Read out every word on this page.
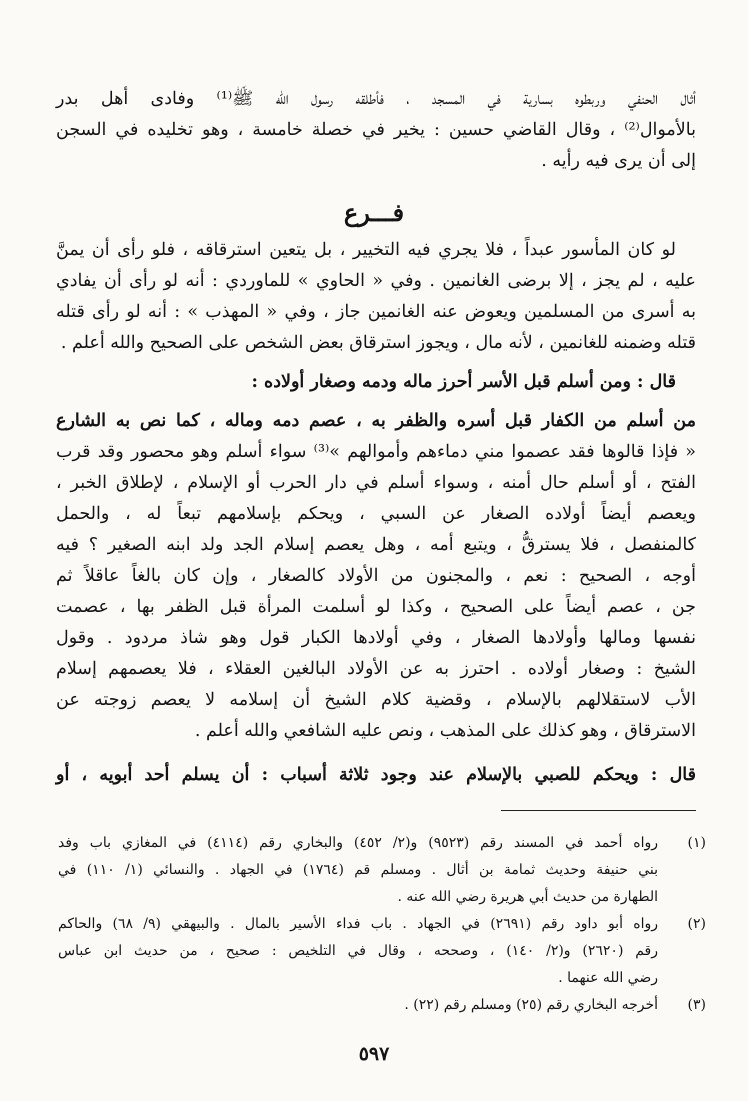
أثال الحنفي وربطوه بسارية في المسجد ، فأطلقه رسول الله ﷺ⁽¹⁾ وفادى أهل بدر
بالأموال⁽²⁾ ، وقال القاضي حسين : يخير في خصلة خامسة ، وهو تخليده في السجن
إلى أن يرى فيه رأيه .
فـــرع
لو كان المأسور عبداً ، فلا يجري فيه التخيير ، بل يتعين استرقاقه ، فلو رأى أن يمنَّ
عليه ، لم يجز ، إلا برضى الغانمين . وفي « الحاوي » للماوردي : أنه لو رأى أن يفادي
به أسرى من المسلمين ويعوض عنه الغانمين جاز ، وفي « المهذب » : أنه لو رأى قتله
قتله وضمنه للغانمين ، لأنه مال ، ويجوز استرقاق بعض الشخص على الصحيح والله أعلم .
قال : ومن أسلم قبل الأسر أحرز ماله ودمه وصغار أولاده :
من أسلم من الكفار قبل أسره والظفر به ، عصم دمه وماله ، كما نص به الشارع
« فإذا قالوها فقد عصموا مني دماءهم وأموالهم »⁽³⁾ سواء أسلم وهو محصور وقد قرب
الفتح ، أو أسلم حال أمنه ، وسواء أسلم في دار الحرب أو الإسلام ، لإطلاق الخبر ،
ويعصم أيضاً أولاده الصغار عن السبي ، ويحكم بإسلامهم تبعاً له ، والحمل
كالمنفصل ، فلا يسترقُّ ، ويتبع أمه ، وهل يعصم إسلام الجد ولد ابنه الصغير ؟ فيه
أوجه ، الصحيح : نعم ، والمجنون من الأولاد كالصغار ، وإن كان بالغاً عاقلاً ثم
جن ، عصم أيضاً على الصحيح ، وكذا لو أسلمت المرأة قبل الظفر بها ، عصمت
نفسها ومالها وأولادها الصغار ، وفي أولادها الكبار قول وهو شاذ مردود . وقول
الشيخ : وصغار أولاده . احترز به عن الأولاد البالغين العقلاء ، فلا يعصمهم إسلام
الأب لاستقلالهم بالإسلام ، وقضية كلام الشيخ أن إسلامه لا يعصم زوجته عن
الاسترقاق ، وهو كذلك على المذهب ، ونص عليه الشافعي والله أعلم .
قال : ويحكم للصبي بالإسلام عند وجود ثلاثة أسباب : أن يسلم أحد أبويه ، أو
(١)
رواه أحمد في المسند رقم (٩٥٢٣) و(٢/ ٤٥٢) والبخاري رقم (٤١١٤) في المغازي باب وفد
بني حنيفة وحديث ثمامة بن أثال . ومسلم قم (١٧٦٤) في الجهاد . والنسائي (١/ ١١٠) في
الطهارة من حديث أبي هريرة رضي الله عنه .
(٢)
رواه أبو داود رقم (٢٦٩١) في الجهاد . باب فداء الأسير بالمال . والبيهقي (٩/ ٦٨) والحاكم
رقم (٢٦٢٠) و(٢/ ١٤٠) ، وصححه ، وقال في التلخيص : صحيح ، من حديث ابن عباس
رضي الله عنهما .
(٣)
أخرجه البخاري رقم (٢٥) ومسلم رقم (٢٢) .
٥٩٧
